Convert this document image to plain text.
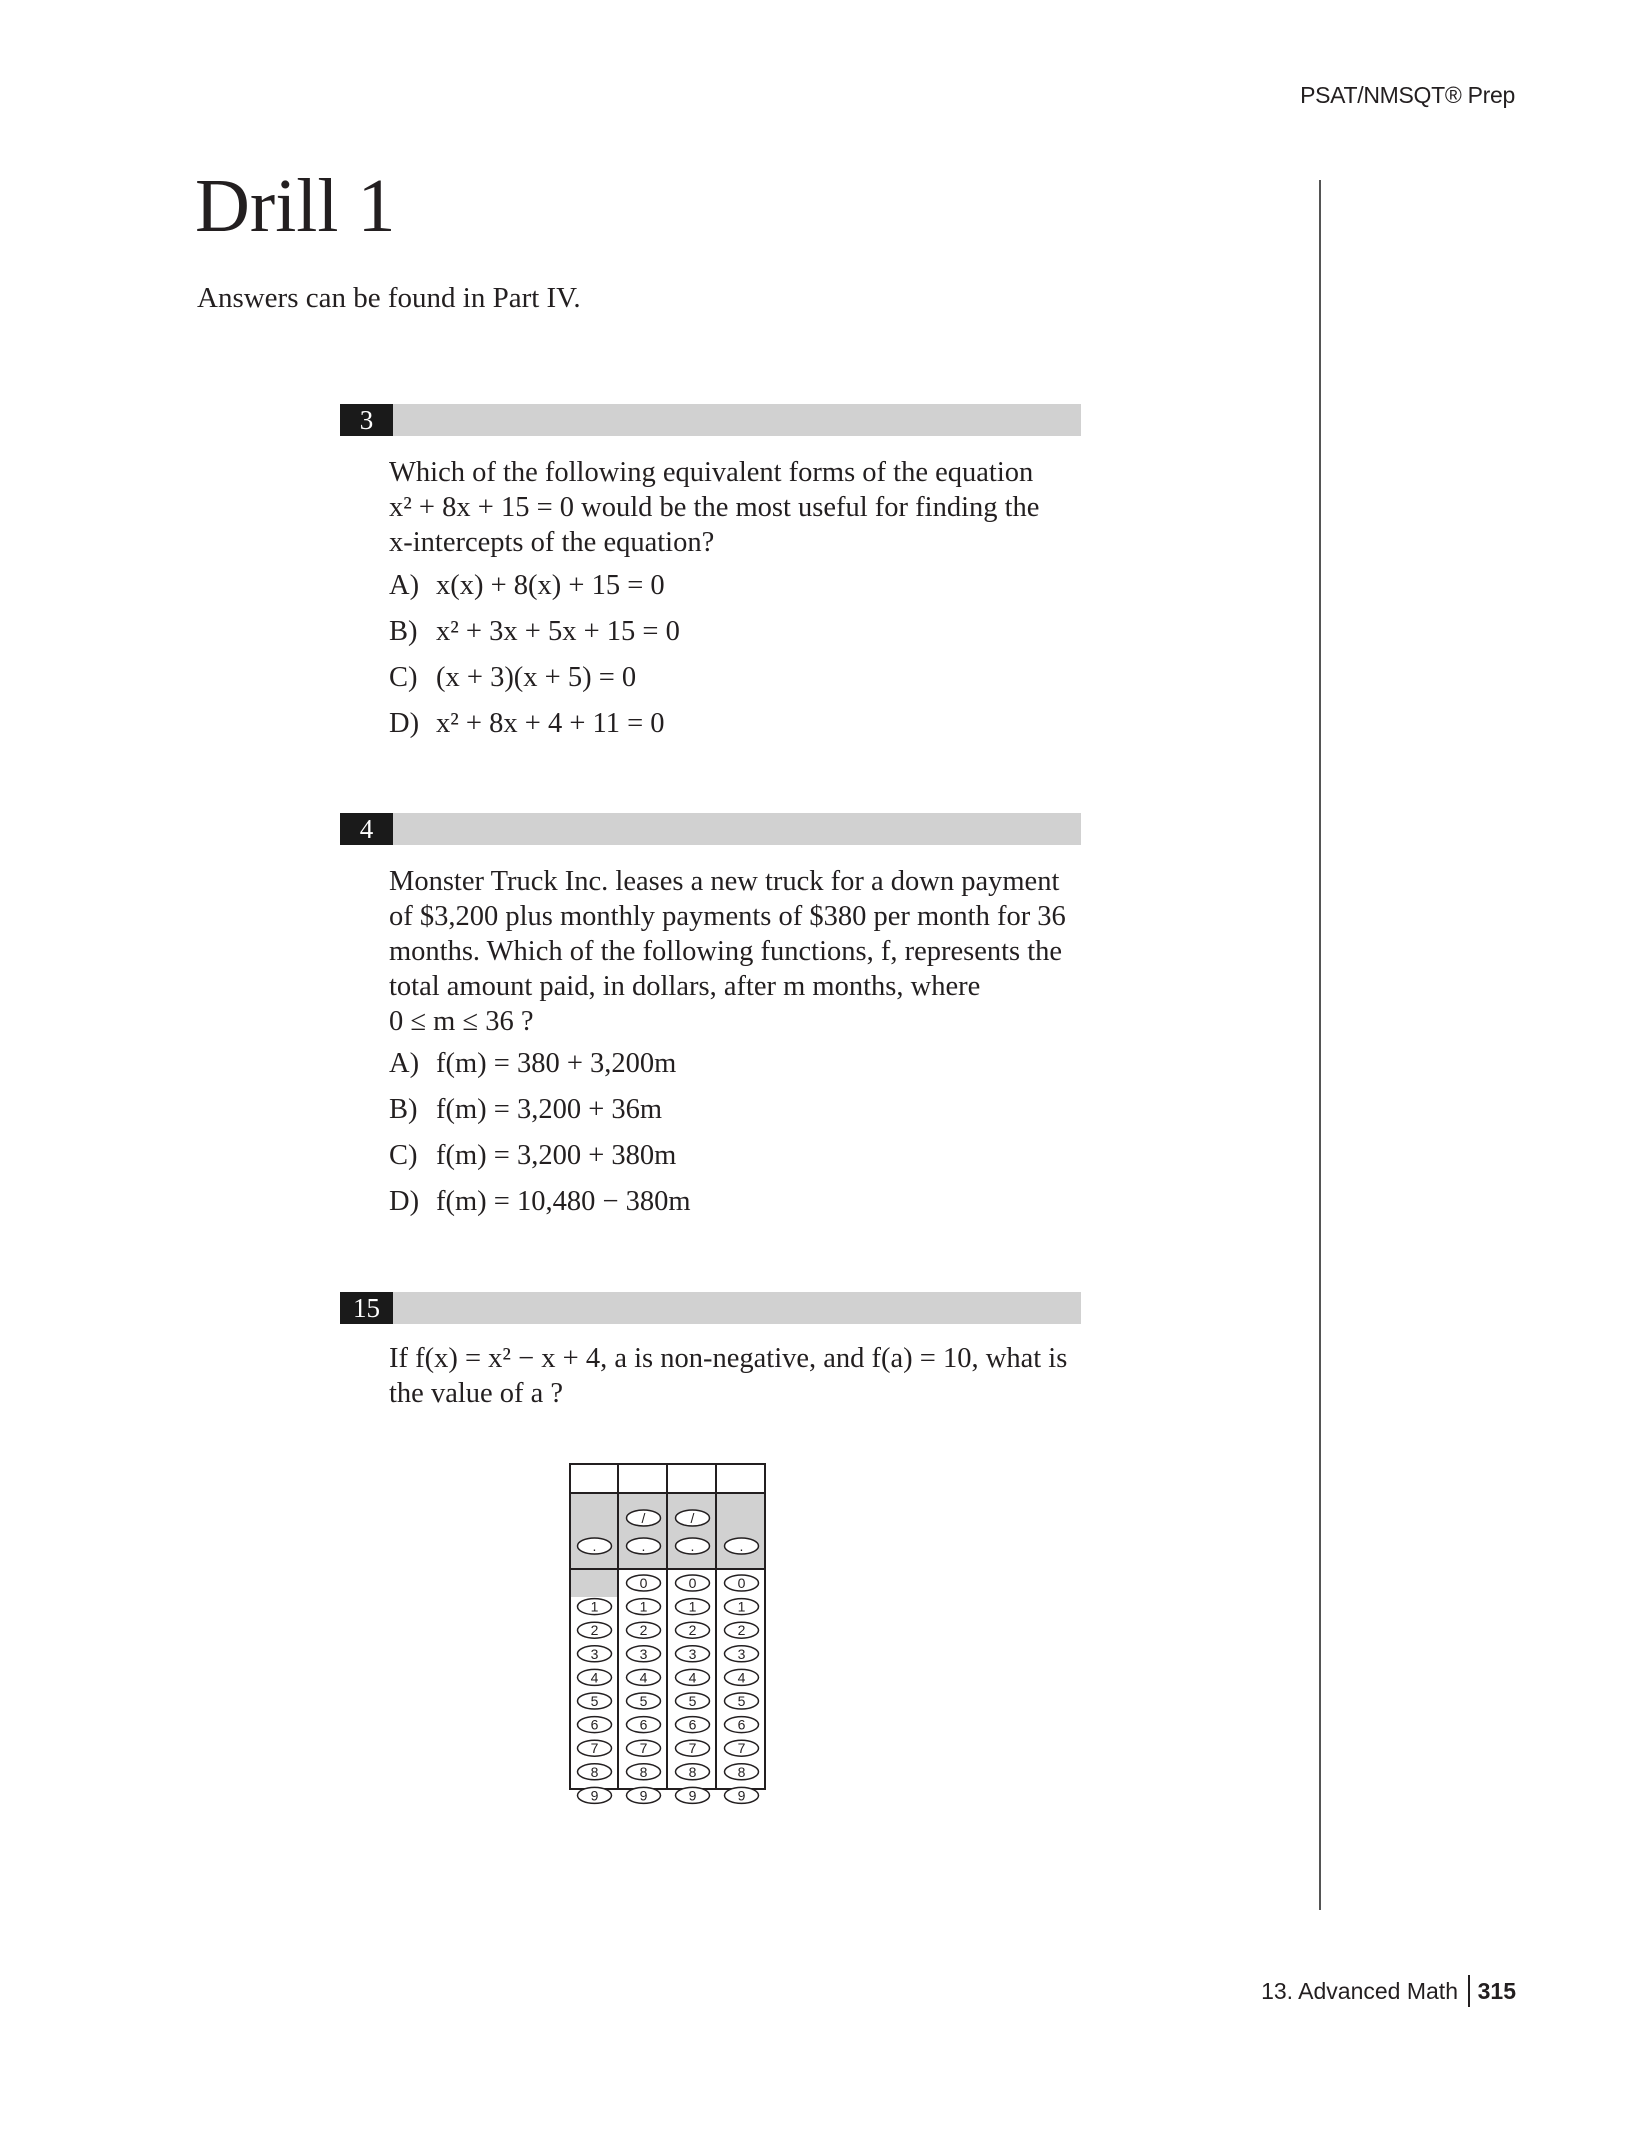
PSAT/NMSQT® Prep
Drill 1
Answers can be found in Part IV.
3
Which of the following equivalent forms of the equation
x² + 8x + 15 = 0 would be the most useful for finding the
x-intercepts of the equation?
A) x(x) + 8(x) + 15 = 0
B) x² + 3x + 5x + 15 = 0
C) (x + 3)(x + 5) = 0
D) x² + 8x + 4 + 11 = 0
4
Monster Truck Inc. leases a new truck for a down payment
of $3,200 plus monthly payments of $380 per month for 36
months. Which of the following functions, f, represents the
total amount paid, in dollars, after m months, where
0 ≤ m ≤ 36 ?
A) f(m) = 380 + 3,200m
B) f(m) = 3,200 + 36m
C) f(m) = 3,200 + 380m
D) f(m) = 10,480 − 380m
15
If f(x) = x² − x + 4, a is non-negative, and f(a) = 10, what is
the value of a ?
.
1
2
3
4
5
6
7
8
9
/
.
0
1
2
3
4
5
6
7
8
9
/
.
0
1
2
3
4
5
6
7
8
9
.
0
1
2
3
4
5
6
7
8
9
13. Advanced Math 315
